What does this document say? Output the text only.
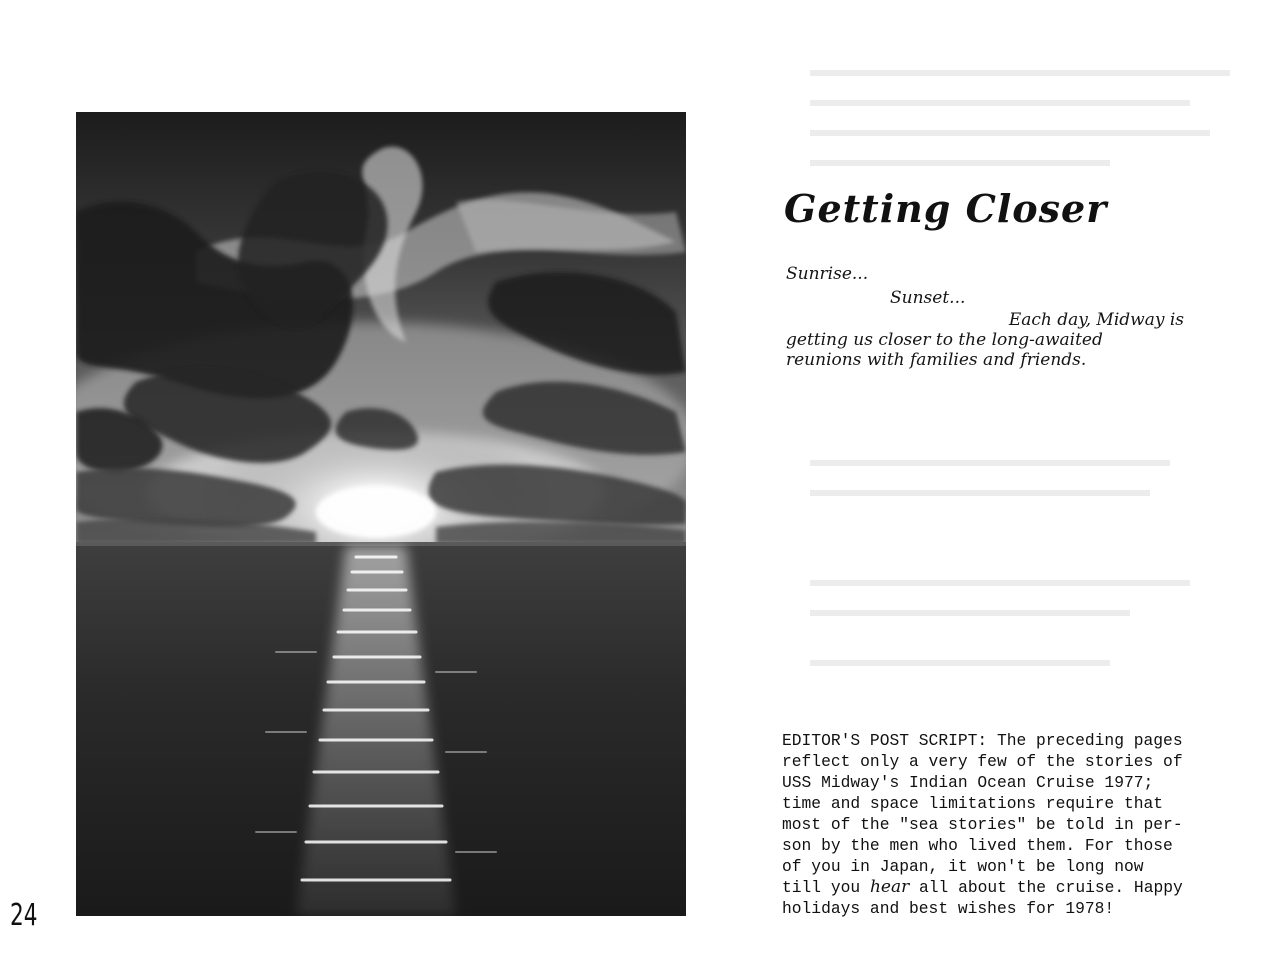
Getting Closer
Sunrise...
Sunset...
Each day, Midway is
getting us closer to the long-awaited
reunions with families and friends.
EDITOR'S POST SCRIPT: The preceding pages
reflect only a very few of the stories of
USS Midway's Indian Ocean Cruise 1977;
time and space limitations require that
most of the "sea stories" be told in per-
son by the men who lived them. For those
of you in Japan, it won't be long now
till you hear all about the cruise. Happy
holidays and best wishes for 1978!
24
